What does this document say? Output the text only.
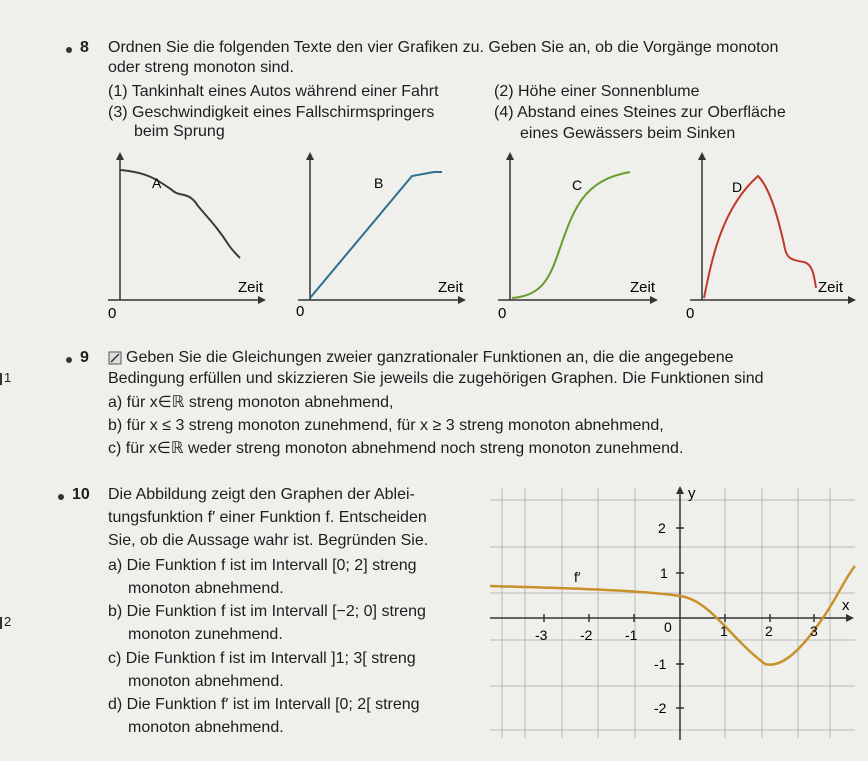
8 Ordnen Sie die folgenden Texte den vier Grafiken zu. Geben Sie an, ob die Vorgänge monoton
oder streng monoton sind.
(1) Tankinhalt eines Autos während einer Fahrt	(2) Höhe einer Sonnenblume
(3) Geschwindigkeit eines Fallschirmspringers
beim Sprung
(4) Abstand eines Steines zur Oberfläche
eines Gewässers beim Sinken
A
Zeit
0
B
Zeit
0
C
Zeit
0
D
Zeit
0
9
1
Geben Sie die Gleichungen zweier ganzrationaler Funktionen an, die die angegebene
Bedingung erfüllen und skizzieren Sie jeweils die zugehörigen Graphen. Die Funktionen sind
a) für x∈ℝ streng monoton abnehmend,
b) für x ≤ 3 streng monoton zunehmend, für x ≥ 3 streng monoton abnehmend,
c) für x∈ℝ weder streng monoton abnehmend noch streng monoton zunehmend.
10
2
Die Abbildung zeigt den Graphen der Ablei-
tungsfunktion f′ einer Funktion f. Entscheiden
Sie, ob die Aussage wahr ist. Begründen Sie.
a) Die Funktion f ist im Intervall [0; 2] streng
monoton abnehmend.
b) Die Funktion f ist im Intervall [−2; 0] streng
monoton zunehmend.
c) Die Funktion f ist im Intervall ]1; 3[ streng
monoton abnehmend.
d) Die Funktion f′ ist im Intervall [0; 2[ streng
monoton abnehmend.
f′
y
x
-3 -2 -1 0	1	2	3
2
1
-1
-2
